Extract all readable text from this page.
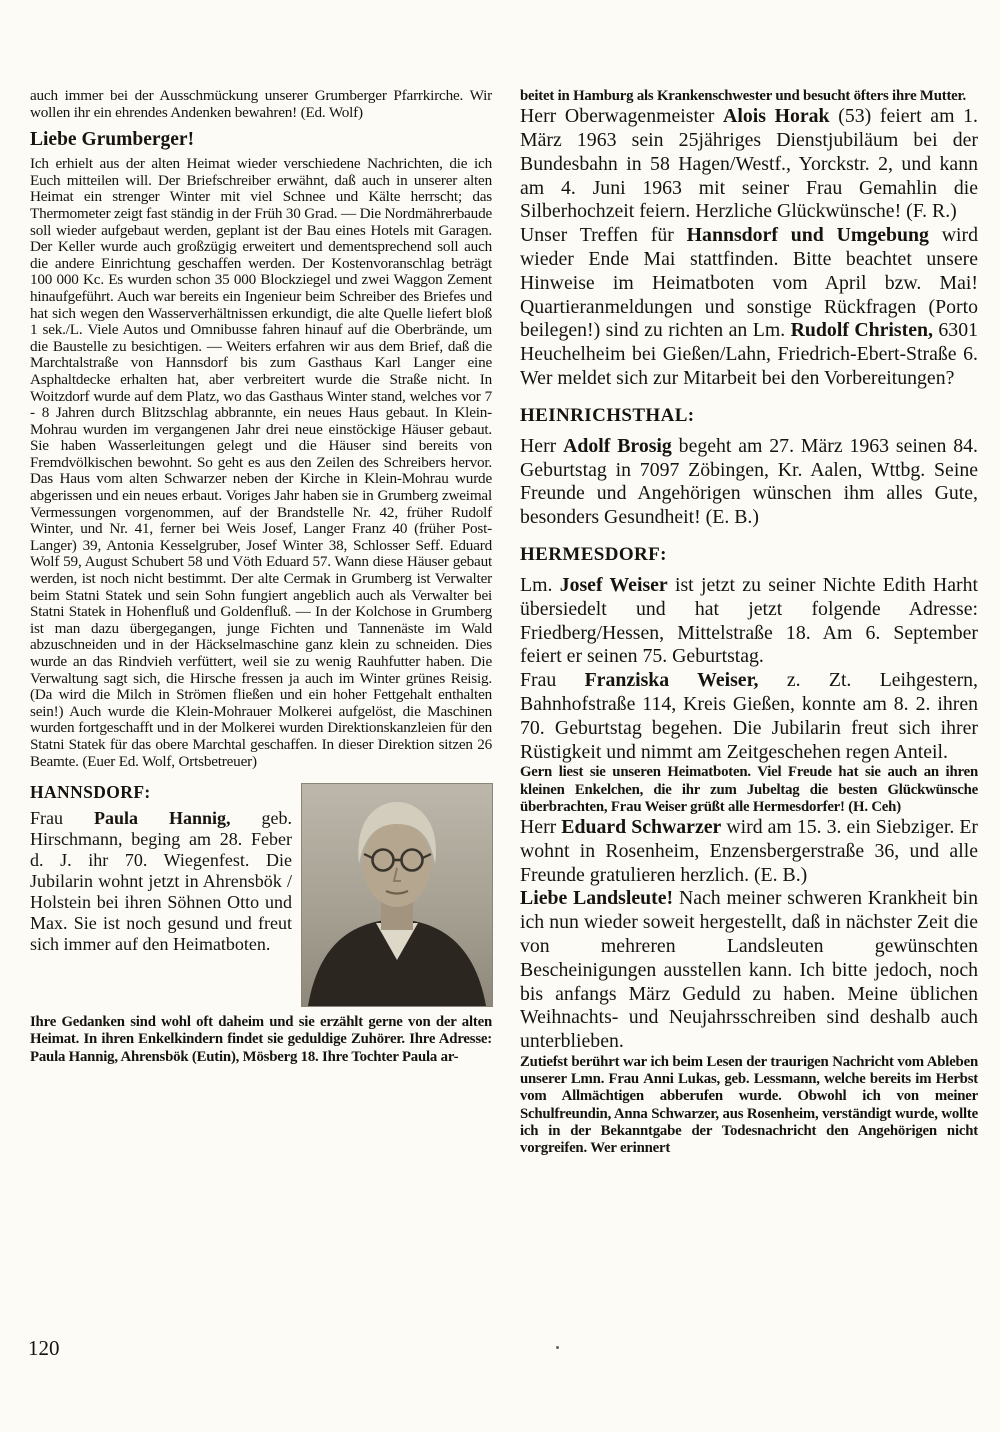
auch immer bei der Ausschmückung unserer Grumberger Pfarrkirche. Wir wollen ihr ein ehrendes Andenken bewahren! (Ed. Wolf)

Liebe Grumberger!

Ich erhielt aus der alten Heimat wieder verschiedene Nachrichten, die ich Euch mitteilen will. Der Briefschreiber erwähnt, daß auch in unserer alten Heimat ein strenger Winter mit viel Schnee und Kälte herrscht; das Thermometer zeigt fast ständig in der Früh 30 Grad. — Die Nordmährerbaude soll wieder aufgebaut werden, geplant ist der Bau eines Hotels mit Garagen. Der Keller wurde auch großzügig erweitert und dementsprechend soll auch die andere Einrichtung geschaffen werden. Der Kostenvoranschlag beträgt 100 000 Kc. Es wurden schon 35 000 Blockziegel und zwei Waggon Zement hinaufgeführt. Auch war bereits ein Ingenieur beim Schreiber des Briefes und hat sich wegen den Wasserverhältnissen erkundigt, die alte Quelle liefert bloß 1 sek./L. Viele Autos und Omnibusse fahren hinauf auf die Oberbrände, um die Baustelle zu besichtigen. — Weiters erfahren wir aus dem Brief, daß die Marchtalstraße von Hannsdorf bis zum Gasthaus Karl Langer eine Asphaltdecke erhalten hat, aber verbreitert wurde die Straße nicht. In Woitzdorf wurde auf dem Platz, wo das Gasthaus Winter stand, welches vor 7 - 8 Jahren durch Blitzschlag abbrannte, ein neues Haus gebaut. In Klein-Mohrau wurden im vergangenen Jahr drei neue einstöckige Häuser gebaut. Sie haben Wasserleitungen gelegt und die Häuser sind bereits von Fremdvölkischen bewohnt. So geht es aus den Zeilen des Schreibers hervor. Das Haus vom alten Schwarzer neben der Kirche in Klein-Mohrau wurde abgerissen und ein neues erbaut. Voriges Jahr haben sie in Grumberg zweimal Vermessungen vorgenommen, auf der Brandstelle Nr. 42, früher Rudolf Winter, und Nr. 41, ferner bei Weis Josef, Langer Franz 40 (früher Post-Langer) 39, Antonia Kesselgruber, Josef Winter 38, Schlosser Seff. Eduard Wolf 59, August Schubert 58 und Vöth Eduard 57. Wann diese Häuser gebaut werden, ist noch nicht bestimmt. Der alte Cermak in Grumberg ist Verwalter beim Statni Statek und sein Sohn fungiert angeblich auch als Verwalter bei Statni Statek in Hohenfluß und Goldenfluß. — In der Kolchose in Grumberg ist man dazu übergegangen, junge Fichten und Tannenäste im Wald abzuschneiden und in der Häckselmaschine ganz klein zu schneiden. Dies wurde an das Rindvieh verfüttert, weil sie zu wenig Rauhfutter haben. Die Verwaltung sagt sich, die Hirsche fressen ja auch im Winter grünes Reisig. (Da wird die Milch in Strömen fließen und ein hoher Fettgehalt enthalten sein!) Auch wurde die Klein-Mohrauer Molkerei aufgelöst, die Maschinen wurden fortgeschafft und in der Molkerei wurden Direktionskanzleien für den Statni Statek für das obere Marchtal geschaffen. In dieser Direktion sitzen 26 Beamte. (Euer Ed. Wolf, Ortsbetreuer)

HANNSDORF:

Frau Paula Hannig, geb. Hirschmann, beging am 28. Feber d. J. ihr 70. Wiegenfest. Die Jubilarin wohnt jetzt in Ahrensbök / Holstein bei ihren Söhnen Otto und Max. Sie ist noch gesund und freut sich immer auf den Heimatboten.

Ihre Gedanken sind wohl oft daheim und sie erzählt gerne von der alten Heimat. In ihren Enkelkindern findet sie geduldige Zuhörer. Ihre Adresse: Paula Hannig, Ahrensbök (Eutin), Mösberg 18. Ihre Tochter Paula ar-

beitet in Hamburg als Krankenschwester und besucht öfters ihre Mutter.

Herr Oberwagenmeister Alois Horak (53) feiert am 1. März 1963 sein 25jähriges Dienstjubiläum bei der Bundesbahn in 58 Hagen/Westf., Yorckstr. 2, und kann am 4. Juni 1963 mit seiner Frau Gemahlin die Silberhochzeit feiern. Herzliche Glückwünsche! (F. R.)

Unser Treffen für Hannsdorf und Umgebung wird wieder Ende Mai stattfinden. Bitte beachtet unsere Hinweise im Heimatboten vom April bzw. Mai! Quartieranmeldungen und sonstige Rückfragen (Porto beilegen!) sind zu richten an Lm. Rudolf Christen, 6301 Heuchelheim bei Gießen/Lahn, Friedrich-Ebert-Straße 6. Wer meldet sich zur Mitarbeit bei den Vorbereitungen?

HEINRICHSTHAL:

Herr Adolf Brosig begeht am 27. März 1963 seinen 84. Geburtstag in 7097 Zöbingen, Kr. Aalen, Wttbg. Seine Freunde und Angehörigen wünschen ihm alles Gute, besonders Gesundheit! (E. B.)

HERMESDORF:

Lm. Josef Weiser ist jetzt zu seiner Nichte Edith Harht übersiedelt und hat jetzt folgende Adresse: Friedberg/Hessen, Mittelstraße 18. Am 6. September feiert er seinen 75. Geburtstag.

Frau Franziska Weiser, z. Zt. Leihgestern, Bahnhofstraße 114, Kreis Gießen, konnte am 8. 2. ihren 70. Geburtstag begehen. Die Jubilarin freut sich ihrer Rüstigkeit und nimmt am Zeitgeschehen regen Anteil.

Gern liest sie unseren Heimatboten. Viel Freude hat sie auch an ihren kleinen Enkelchen, die ihr zum Jubeltag die besten Glückwünsche überbrachten, Frau Weiser grüßt alle Hermesdorfer! (H. Ceh)

Herr Eduard Schwarzer wird am 15. 3. ein Siebziger. Er wohnt in Rosenheim, Enzensbergerstraße 36, und alle Freunde gratulieren herzlich. (E. B.)

Liebe Landsleute! Nach meiner schweren Krankheit bin ich nun wieder soweit hergestellt, daß in nächster Zeit die von mehreren Landsleuten gewünschten Bescheinigungen ausstellen kann. Ich bitte jedoch, noch bis anfangs März Geduld zu haben. Meine üblichen Weihnachts- und Neujahrsschreiben sind deshalb auch unterblieben.

Zutiefst berührt war ich beim Lesen der traurigen Nachricht vom Ableben unserer Lmn. Frau Anni Lukas, geb. Lessmann, welche bereits im Herbst vom Allmächtigen abberufen wurde. Obwohl ich von meiner Schulfreundin, Anna Schwarzer, aus Rosenheim, verständigt wurde, wollte ich in der Bekanntgabe der Todesnachricht den Angehörigen nicht vorgreifen. Wer erinnert

120
